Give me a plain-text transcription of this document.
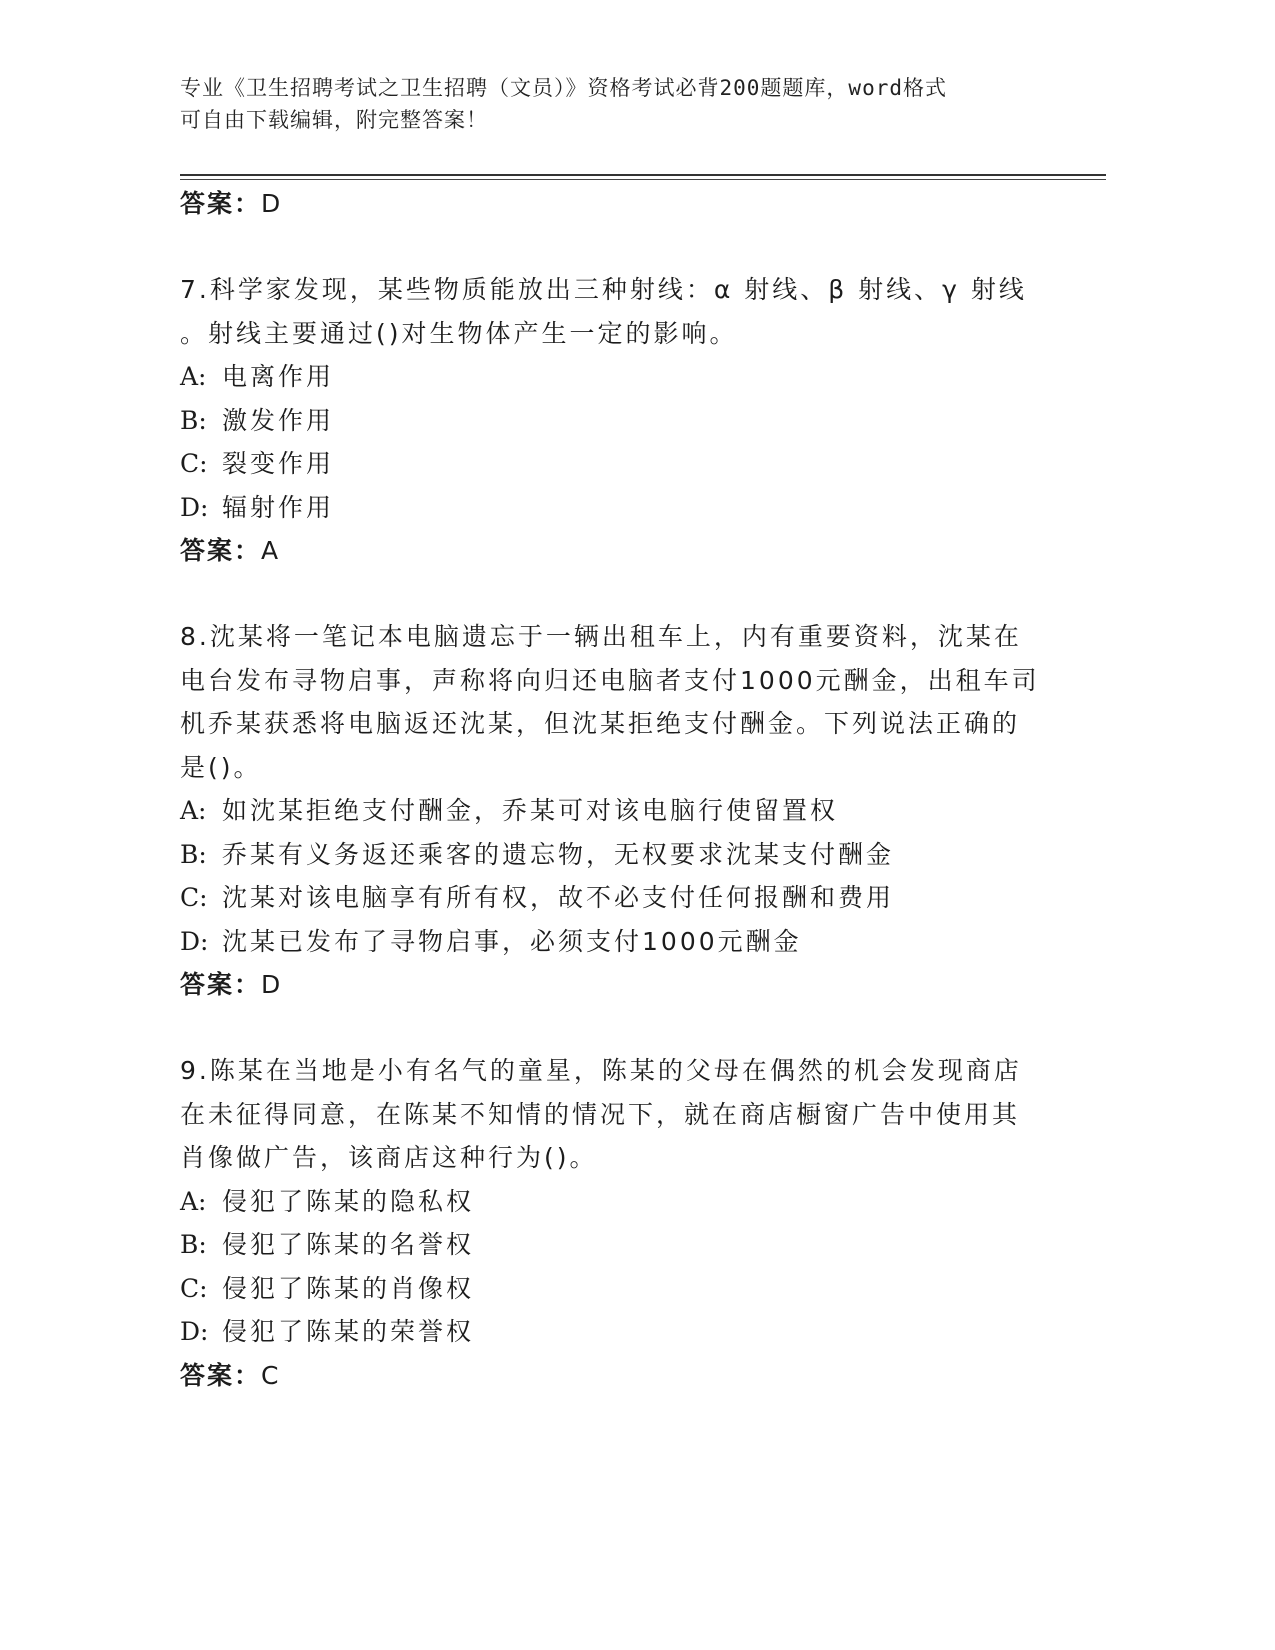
专业《卫生招聘考试之卫生招聘（文员）》资格考试必背200题题库，word格式
可自由下载编辑，附完整答案！
答案：D
7.科学家发现，某些物质能放出三种射线：α 射线、β 射线、γ 射线
。射线主要通过()对生物体产生一定的影响。
A: 电离作用
B: 激发作用
C: 裂变作用
D: 辐射作用
答案：A
8.沈某将一笔记本电脑遗忘于一辆出租车上，内有重要资料，沈某在
电台发布寻物启事，声称将向归还电脑者支付1000元酬金，出租车司
机乔某获悉将电脑返还沈某，但沈某拒绝支付酬金。下列说法正确的
是()。
A: 如沈某拒绝支付酬金，乔某可对该电脑行使留置权
B: 乔某有义务返还乘客的遗忘物，无权要求沈某支付酬金
C: 沈某对该电脑享有所有权，故不必支付任何报酬和费用
D: 沈某已发布了寻物启事，必须支付1000元酬金
答案：D
9.陈某在当地是小有名气的童星，陈某的父母在偶然的机会发现商店
在未征得同意，在陈某不知情的情况下，就在商店橱窗广告中使用其
肖像做广告，该商店这种行为()。
A: 侵犯了陈某的隐私权
B: 侵犯了陈某的名誉权
C: 侵犯了陈某的肖像权
D: 侵犯了陈某的荣誉权
答案：C
